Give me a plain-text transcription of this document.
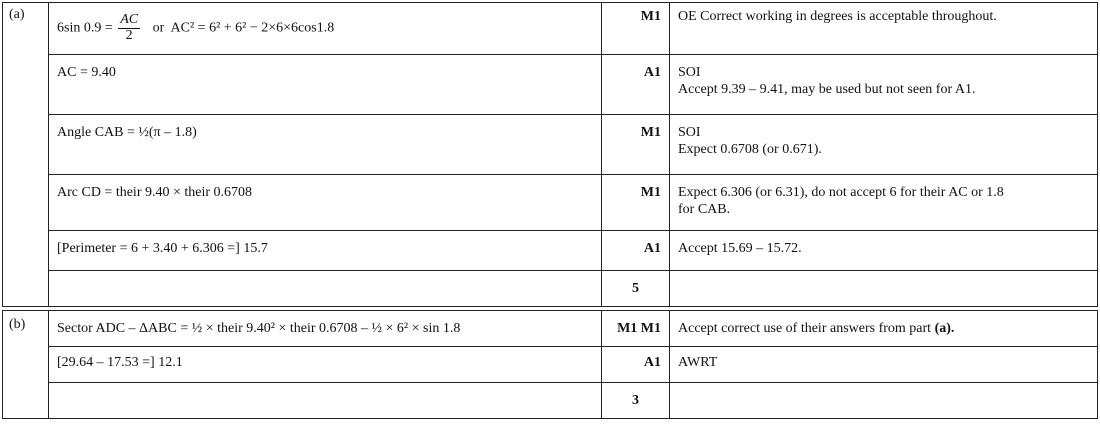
(a)	6sin $0.9 = \frac{AC}{2}$ or AC² = 6² + 6² − 2×6×6cos1.8	M1	OE Correct working in degrees is acceptable throughout.
	AC = 9.40	A1	SOI
Accept 9.39 – 9.41, may be used but not seen for A1.

	Angle CAB = ½(π – 1.8)	M1	SOI
Expect 0.6708 (or 0.671).

	Arc CD = their 9.40 × their 0.6708	M1	Expect 6.306 (or 6.31), do not accept 6 for their AC or 1.8
for CAB.

	[Perimeter = 6 + 3.40 + 6.306 =] 15.7	A1	Accept 15.69 – 15.72.
		5	

(b)	Sector ADC – ΔABC = ½ × their 9.40² × their 0.6708 – ½ × 6² × sin 1.8	M1 M1	Accept correct use of their answers from part (a).
	[29.64 – 17.53 =] 12.1	A1	AWRT
		3	
